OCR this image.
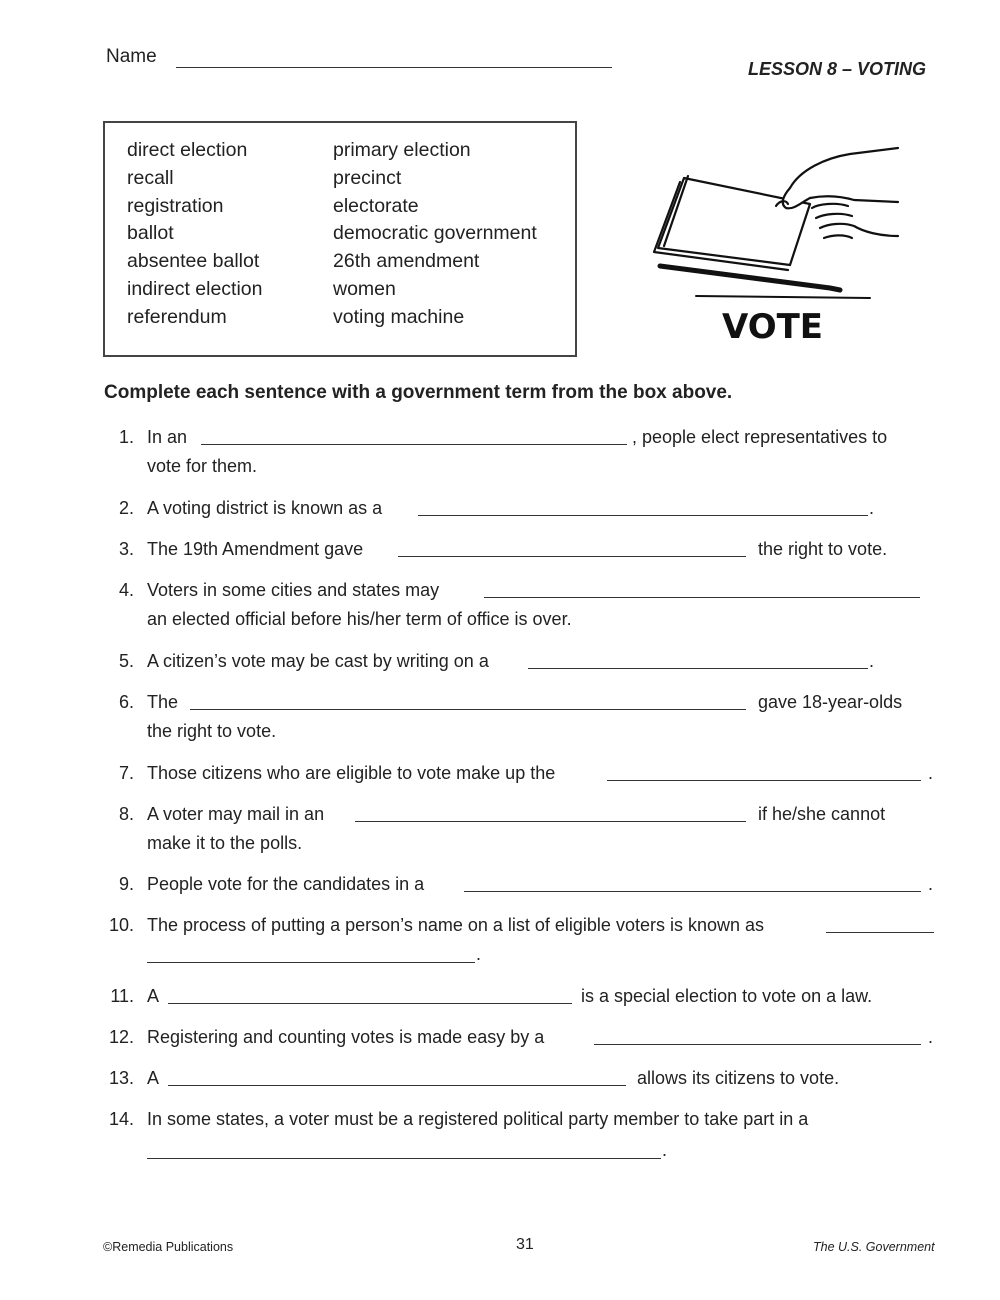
Name
LESSON 8 – VOTING
direct election
recall
registration
ballot
absentee ballot
indirect election
referendum
primary election
precinct
electorate
democratic government
26th amendment
women
voting machine	VOTE
Complete each sentence with a government term from the box above.
1. In an	, people elect representatives to
vote for them.
2. A voting district is known as a	.
3. The 19th Amendment gave	the right to vote.
4. Voters in some cities and states may
an elected official before his/her term of office is over.
5. A citizen’s vote may be cast by writing on a	.
6. The	gave 18-year-olds
the right to vote.
7. Those citizens who are eligible to vote make up the	.
8. A voter may mail in an	if he/she cannot
make it to the polls.
9. People vote for the candidates in a	.
10. The process of putting a person’s name on a list of eligible voters is known as
.
11. A	is a special election to vote on a law.
12. Registering and counting votes is made easy by a	.
13. A	allows its citizens to vote.
14. In some states, a voter must be a registered political party member to take part in a
.
©Remedia Publications	31	The U.S. Government
